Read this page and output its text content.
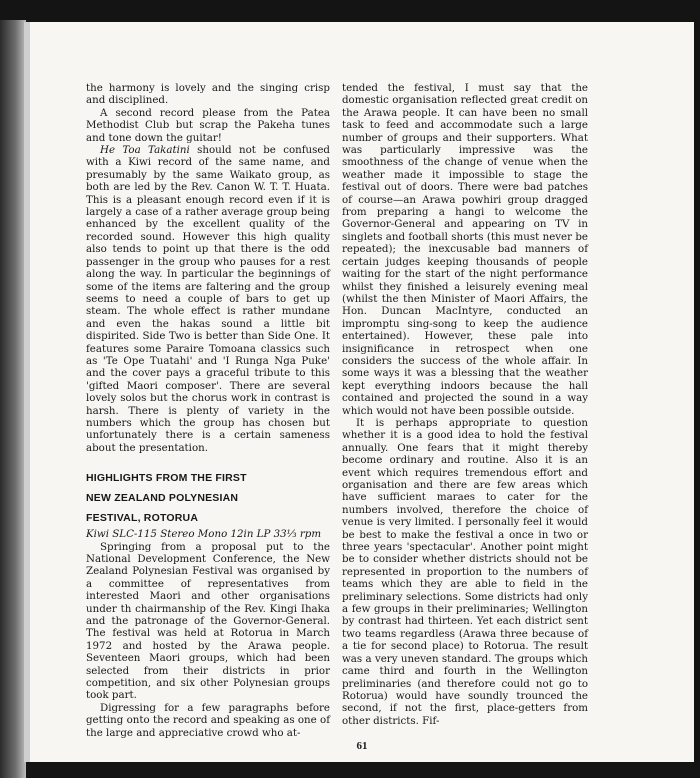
the harmony is lovely and the singing crisp and disciplined.

A second record please from the Patea Methodist Club but scrap the Pakeha tunes and tone down the guitar!

He Toa Takatini should not be confused with a Kiwi record of the same name, and presumably by the same Waikato group, as both are led by the Rev. Canon W. T. T. Huata. This is a pleasant enough record even if it is largely a case of a rather average group being enhanced by the excellent quality of the recorded sound. However this high quality also tends to point up that there is the odd passenger in the group who pauses for a rest along the way. In particular the beginnings of some of the items are faltering and the group seems to need a couple of bars to get up steam. The whole effect is rather mundane and even the hakas sound a little bit dispirited. Side Two is better than Side One. It features some Paraire Tomoana classics such as 'Te Ope Tuatahi' and 'I Runga Nga Puke' and the cover pays a graceful tribute to this 'gifted Maori composer'. There are several lovely solos but the chorus work in contrast is harsh. There is plenty of variety in the numbers which the group has chosen but unfortunately there is a certain sameness about the presentation.

HIGHLIGHTS FROM THE FIRST
NEW ZEALAND POLYNESIAN
FESTIVAL, ROTORUA

Kiwi SLC-115 Stereo Mono 12in LP 33⅓ rpm

Springing from a proposal put to the National Development Conference, the New Zealand Polynesian Festival was organised by a committee of representatives from interested Maori and other organisations under th chairmanship of the Rev. Kingi Ihaka and the patronage of the Governor-General. The festival was held at Rotorua in March 1972 and hosted by the Arawa people. Seventeen Maori groups, which had been selected from their districts in prior competition, and six other Polynesian groups took part.

Digressing for a few paragraphs before getting onto the record and speaking as one of the large and appreciative crowd who at-

tended the festival, I must say that the domestic organisation reflected great credit on the Arawa people. It can have been no small task to feed and accommodate such a large number of groups and their supporters. What was particularly impressive was the smoothness of the change of venue when the weather made it impossible to stage the festival out of doors. There were bad patches of course—an Arawa powhiri group dragged from preparing a hangi to welcome the Governor-General and appearing on TV in singlets and football shorts (this must never be repeated); the inexcusable bad manners of certain judges keeping thousands of people waiting for the start of the night performance whilst they finished a leisurely evening meal (whilst the then Minister of Maori Affairs, the Hon. Duncan MacIntyre, conducted an impromptu sing-song to keep the audience entertained). However, these pale into insignificance in retrospect when one considers the success of the whole affair. In some ways it was a blessing that the weather kept everything indoors because the hall contained and projected the sound in a way which would not have been possible outside.

It is perhaps appropriate to question whether it is a good idea to hold the festival annually. One fears that it might thereby become ordinary and routine. Also it is an event which requires tremendous effort and organisation and there are few areas which have sufficient maraes to cater for the numbers involved, therefore the choice of venue is very limited. I personally feel it would be best to make the festival a once in two or three years 'spectacular'. Another point might be to consider whether districts should not be represented in proportion to the numbers of teams which they are able to field in the preliminary selections. Some districts had only a few groups in their preliminaries; Wellington by contrast had thirteen. Yet each district sent two teams regardless (Arawa three because of a tie for second place) to Rotorua. The result was a very uneven standard. The groups which came third and fourth in the Wellington preliminaries (and therefore could not go to Rotorua) would have soundly trounced the second, if not the first, place-getters from other districts. Fif-

61
